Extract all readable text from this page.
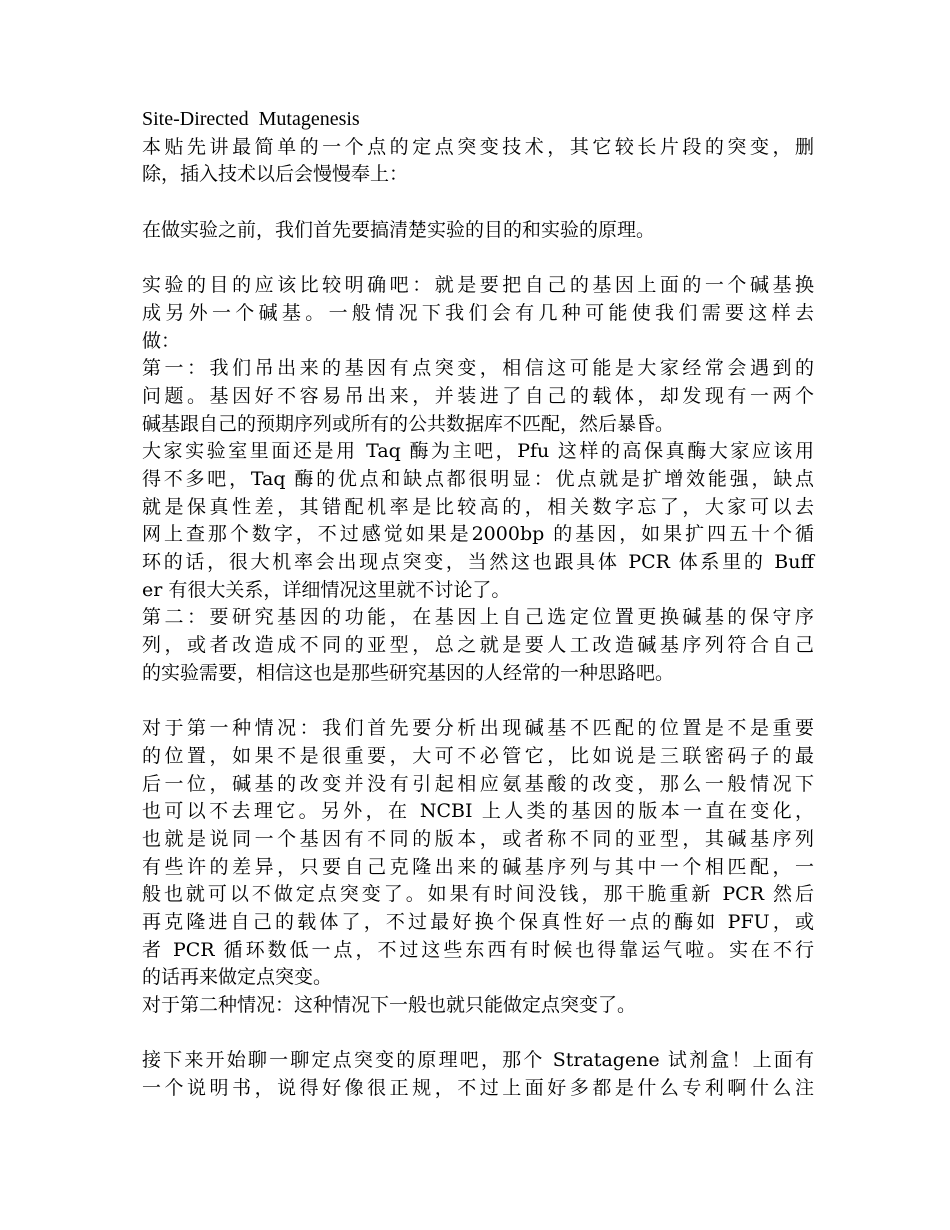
Site-Directed  Mutagenesis
本贴先讲最简单的一个点的定点突变技术，其它较长片段的突变，删
除，插入技术以后会慢慢奉上：
在做实验之前，我们首先要搞清楚实验的目的和实验的原理。
实验的目的应该比较明确吧：就是要把自己的基因上面的一个碱基换
成另外一个碱基。一般情况下我们会有几种可能使我们需要这样去
做：
第一：我们吊出来的基因有点突变，相信这可能是大家经常会遇到的
问题。基因好不容易吊出来，并装进了自己的载体，却发现有一两个
碱基跟自己的预期序列或所有的公共数据库不匹配，然后暴昏。
大家实验室里面还是用 Taq 酶为主吧，Pfu 这样的高保真酶大家应该用
得不多吧，Taq 酶的优点和缺点都很明显：优点就是扩增效能强，缺点
就是保真性差，其错配机率是比较高的，相关数字忘了，大家可以去
网上查那个数字，不过感觉如果是2000bp 的基因，如果扩四五十个循
环的话，很大机率会出现点突变，当然这也跟具体 PCR 体系里的 Buff
er 有很大关系，详细情况这里就不讨论了。
第二：要研究基因的功能，在基因上自己选定位置更换碱基的保守序
列，或者改造成不同的亚型，总之就是要人工改造碱基序列符合自己
的实验需要，相信这也是那些研究基因的人经常的一种思路吧。
对于第一种情况：我们首先要分析出现碱基不匹配的位置是不是重要
的位置，如果不是很重要，大可不必管它，比如说是三联密码子的最
后一位，碱基的改变并没有引起相应氨基酸的改变，那么一般情况下
也可以不去理它。另外，在 NCBI 上人类的基因的版本一直在变化，
也就是说同一个基因有不同的版本，或者称不同的亚型，其碱基序列
有些许的差异，只要自己克隆出来的碱基序列与其中一个相匹配，一
般也就可以不做定点突变了。如果有时间没钱，那干脆重新 PCR 然后
再克隆进自己的载体了，不过最好换个保真性好一点的酶如 PFU，或
者 PCR 循环数低一点，不过这些东西有时候也得靠运气啦。实在不行
的话再来做定点突变。
对于第二种情况：这种情况下一般也就只能做定点突变了。
接下来开始聊一聊定点突变的原理吧，那个 Stratagene 试剂盒！上面有
一个说明书，说得好像很正规，不过上面好多都是什么专利啊什么注
